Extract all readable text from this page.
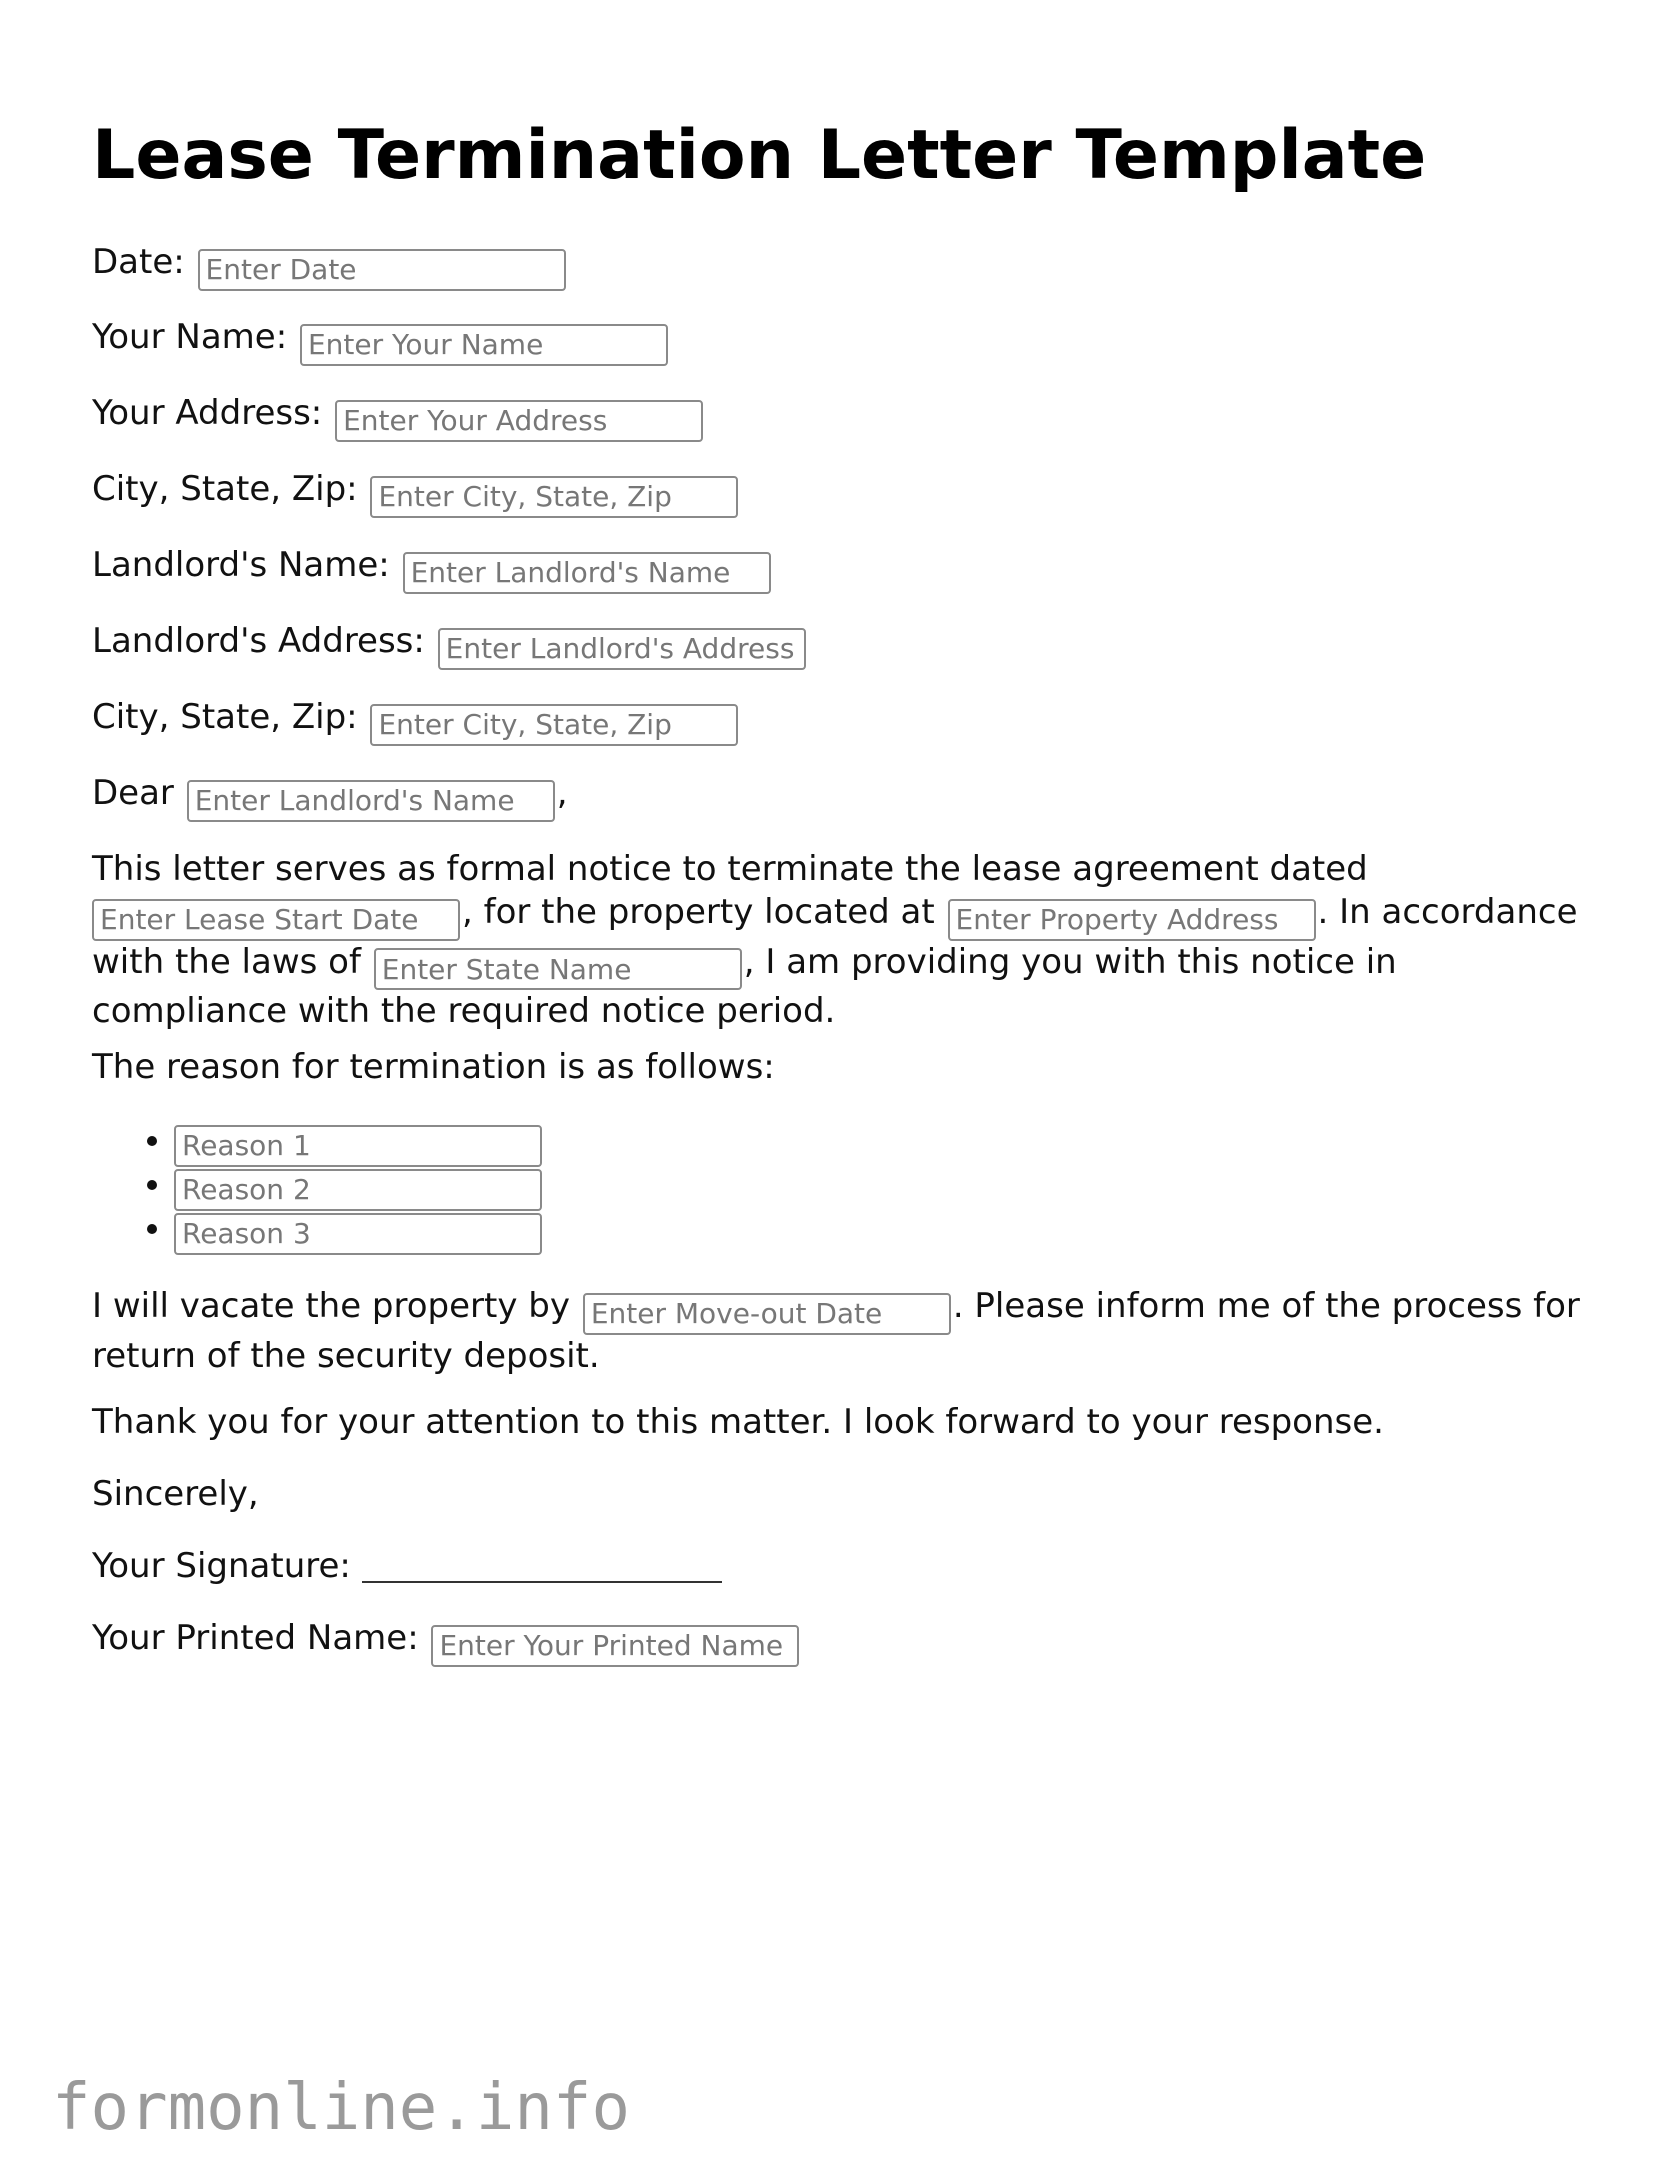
Lease Termination Letter Template
Date: Enter Date
Your Name: Enter Your Name
Your Address: Enter Your Address
City, State, Zip: Enter City, State, Zip
Landlord's Name: Enter Landlord's Name
Landlord's Address: Enter Landlord's Address
City, State, Zip: Enter City, State, Zip
Dear Enter Landlord's Name	,
This letter serves as formal notice to terminate the lease agreement dated Enter Lease Start Date, for the property located at Enter Property Address	. In accordance with the laws of Enter State Name	, I am providing you with this notice in compliance with the required notice period.
The reason for termination is as follows:
• Reason 1
• Reason 2
• Reason 3
I will vacate the property by Enter Move-out Date	. Please inform me of the process for return of the security deposit.
Thank you for your attention to this matter. I look forward to your response.
Sincerely,
Your Signature:
Your Printed Name: Enter Your Printed Name
formonline.info
